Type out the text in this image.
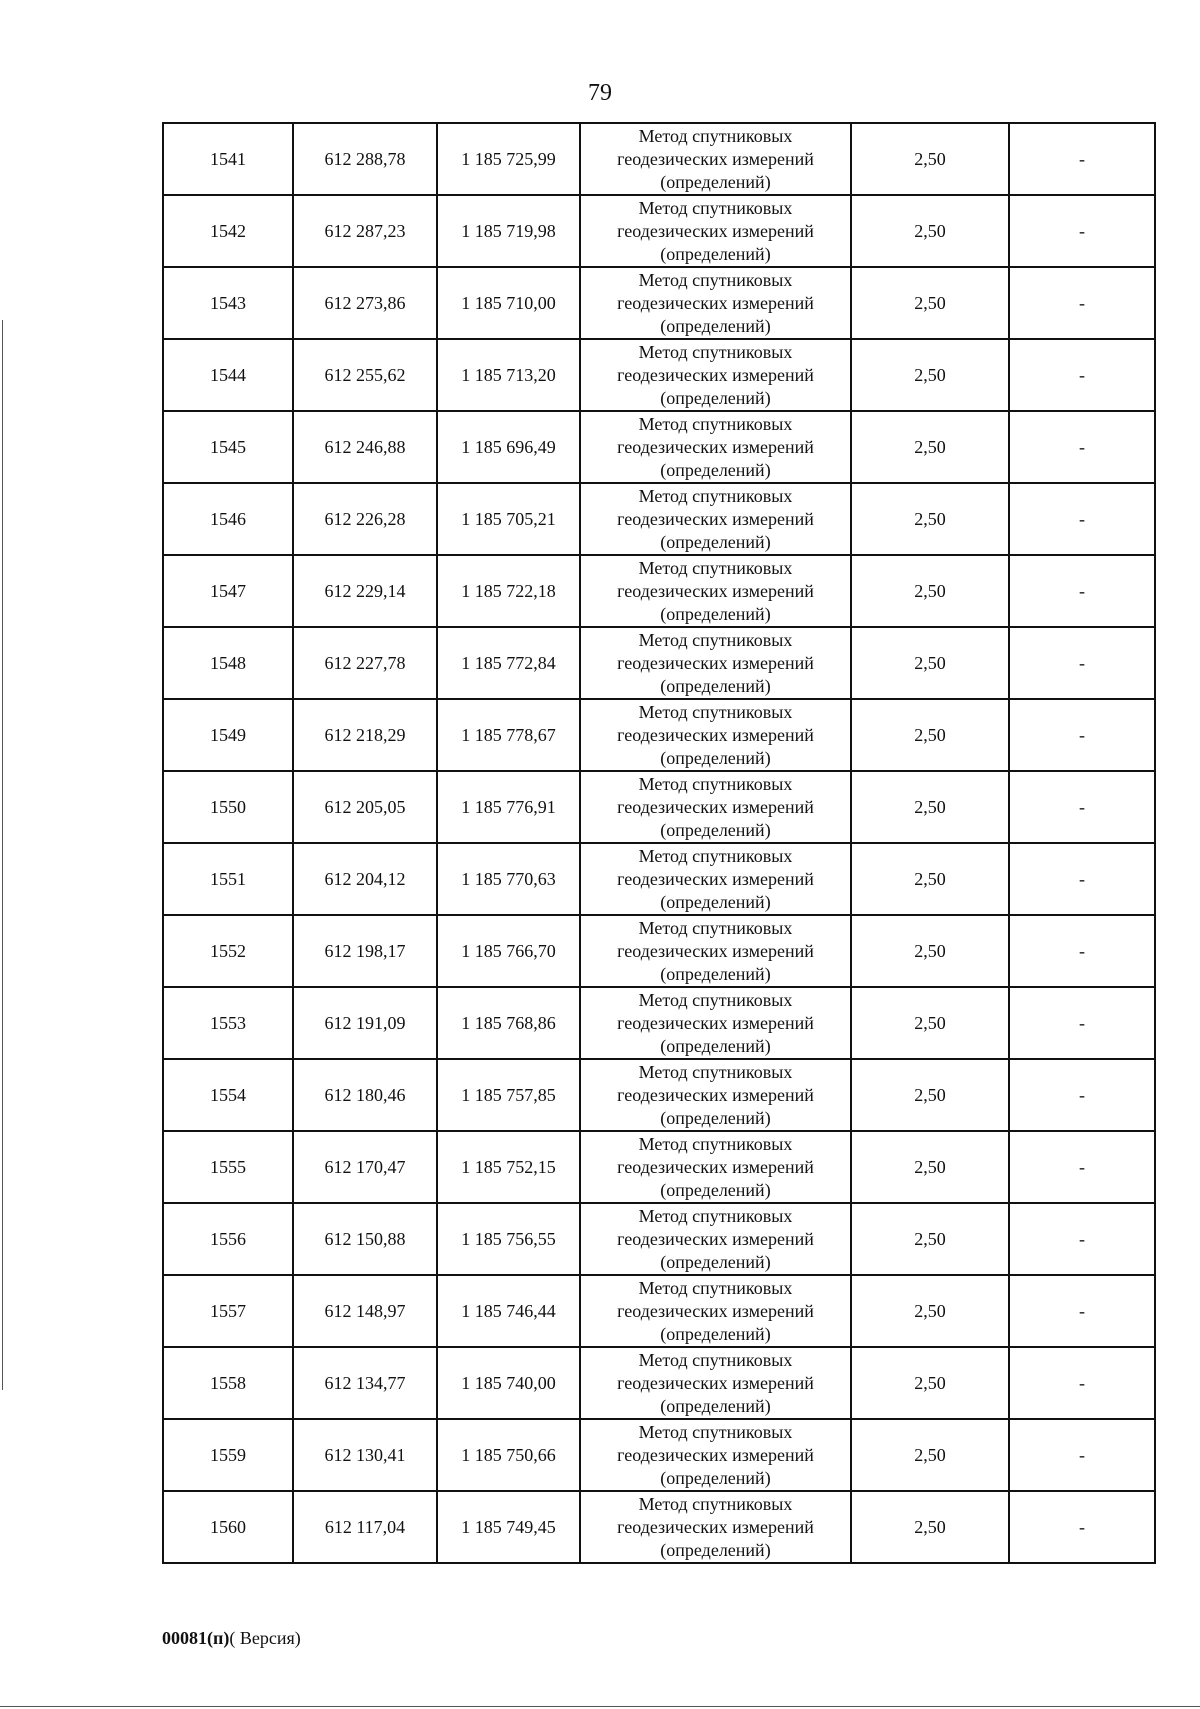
79
1541	612 288,78	1 185 725,99	Метод спутниковых
геодезических измерений
(определений)	2,50	-
1542	612 287,23	1 185 719,98	Метод спутниковых
геодезических измерений
(определений)	2,50	-
1543	612 273,86	1 185 710,00	Метод спутниковых
геодезических измерений
(определений)	2,50	-
1544	612 255,62	1 185 713,20	Метод спутниковых
геодезических измерений
(определений)	2,50	-
1545	612 246,88	1 185 696,49	Метод спутниковых
геодезических измерений
(определений)	2,50	-
1546	612 226,28	1 185 705,21	Метод спутниковых
геодезических измерений
(определений)	2,50	-
1547	612 229,14	1 185 722,18	Метод спутниковых
геодезических измерений
(определений)	2,50	-
1548	612 227,78	1 185 772,84	Метод спутниковых
геодезических измерений
(определений)	2,50	-
1549	612 218,29	1 185 778,67	Метод спутниковых
геодезических измерений
(определений)	2,50	-
1550	612 205,05	1 185 776,91	Метод спутниковых
геодезических измерений
(определений)	2,50	-
1551	612 204,12	1 185 770,63	Метод спутниковых
геодезических измерений
(определений)	2,50	-
1552	612 198,17	1 185 766,70	Метод спутниковых
геодезических измерений
(определений)	2,50	-
1553	612 191,09	1 185 768,86	Метод спутниковых
геодезических измерений
(определений)	2,50	-
1554	612 180,46	1 185 757,85	Метод спутниковых
геодезических измерений
(определений)	2,50	-
1555	612 170,47	1 185 752,15	Метод спутниковых
геодезических измерений
(определений)	2,50	-
1556	612 150,88	1 185 756,55	Метод спутниковых
геодезических измерений
(определений)	2,50	-
1557	612 148,97	1 185 746,44	Метод спутниковых
геодезических измерений
(определений)	2,50	-
1558	612 134,77	1 185 740,00	Метод спутниковых
геодезических измерений
(определений)	2,50	-
1559	612 130,41	1 185 750,66	Метод спутниковых
геодезических измерений
(определений)	2,50	-
1560	612 117,04	1 185 749,45	Метод спутниковых
геодезических измерений
(определений)	2,50	-
00081(п)( Версия)
